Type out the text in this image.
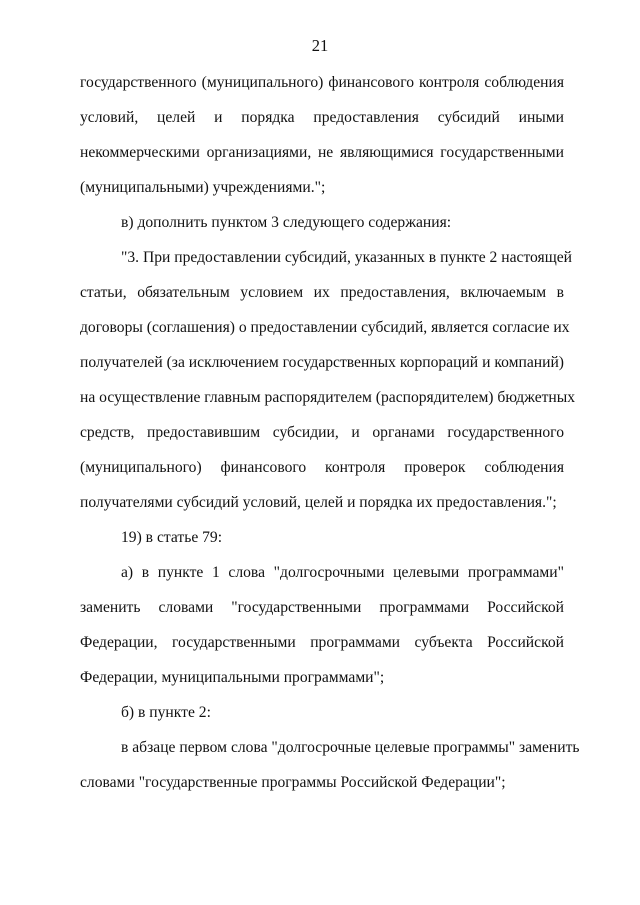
21
государственного (муниципального) финансового контроля соблюдения
условий, целей и порядка предоставления субсидий иными
некоммерческими организациями, не являющимися государственными
(муниципальными) учреждениями.";
в) дополнить пунктом 3 следующего содержания:
"3. При предоставлении субсидий, указанных в пункте 2 настоящей
статьи, обязательным условием их предоставления, включаемым в
договоры (соглашения) о предоставлении субсидий, является согласие их
получателей (за исключением государственных корпораций и компаний)
на осуществление главным распорядителем (распорядителем) бюджетных
средств, предоставившим субсидии, и органами государственного
(муниципального) финансового контроля проверок соблюдения
получателями субсидий условий, целей и порядка их предоставления.";
19) в статье 79:
а) в пункте 1 слова "долгосрочными целевыми программами"
заменить словами "государственными программами Российской
Федерации, государственными программами субъекта Российской
Федерации, муниципальными программами";
б) в пункте 2:
в абзаце первом слова "долгосрочные целевые программы" заменить
словами "государственные программы Российской Федерации";
